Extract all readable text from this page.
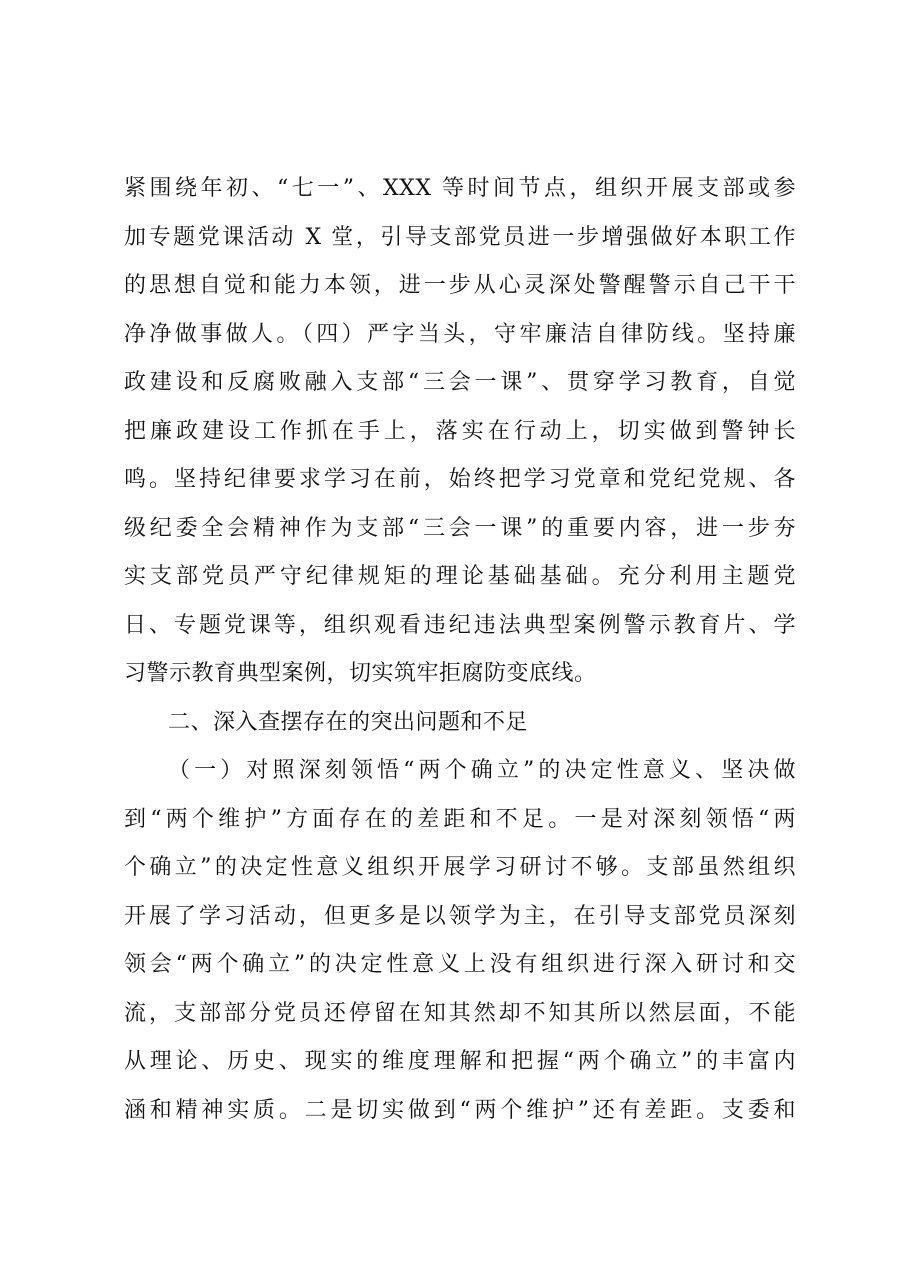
紧围绕年初、“七一”、XXX 等时间节点，组织开展支部或参
加专题党课活动 X 堂，引导支部党员进一步增强做好本职工作
的思想自觉和能力本领，进一步从心灵深处警醒警示自己干干
净净做事做人。（四）严字当头，守牢廉洁自律防线。坚持廉
政建设和反腐败融入支部“三会一课”、贯穿学习教育，自觉
把廉政建设工作抓在手上，落实在行动上，切实做到警钟长
鸣。坚持纪律要求学习在前，始终把学习党章和党纪党规、各
级纪委全会精神作为支部“三会一课”的重要内容，进一步夯
实支部党员严守纪律规矩的理论基础基础。充分利用主题党
日、专题党课等，组织观看违纪违法典型案例警示教育片、学
习警示教育典型案例，切实筑牢拒腐防变底线。
二、深入查摆存在的突出问题和不足
（一）对照深刻领悟“两个确立”的决定性意义、坚决做
到“两个维护”方面存在的差距和不足。一是对深刻领悟“两
个确立”的决定性意义组织开展学习研讨不够。支部虽然组织
开展了学习活动，但更多是以领学为主，在引导支部党员深刻
领会“两个确立”的决定性意义上没有组织进行深入研讨和交
流，支部部分党员还停留在知其然却不知其所以然层面，不能
从理论、历史、现实的维度理解和把握“两个确立”的丰富内
涵和精神实质。二是切实做到“两个维护”还有差距。支委和
